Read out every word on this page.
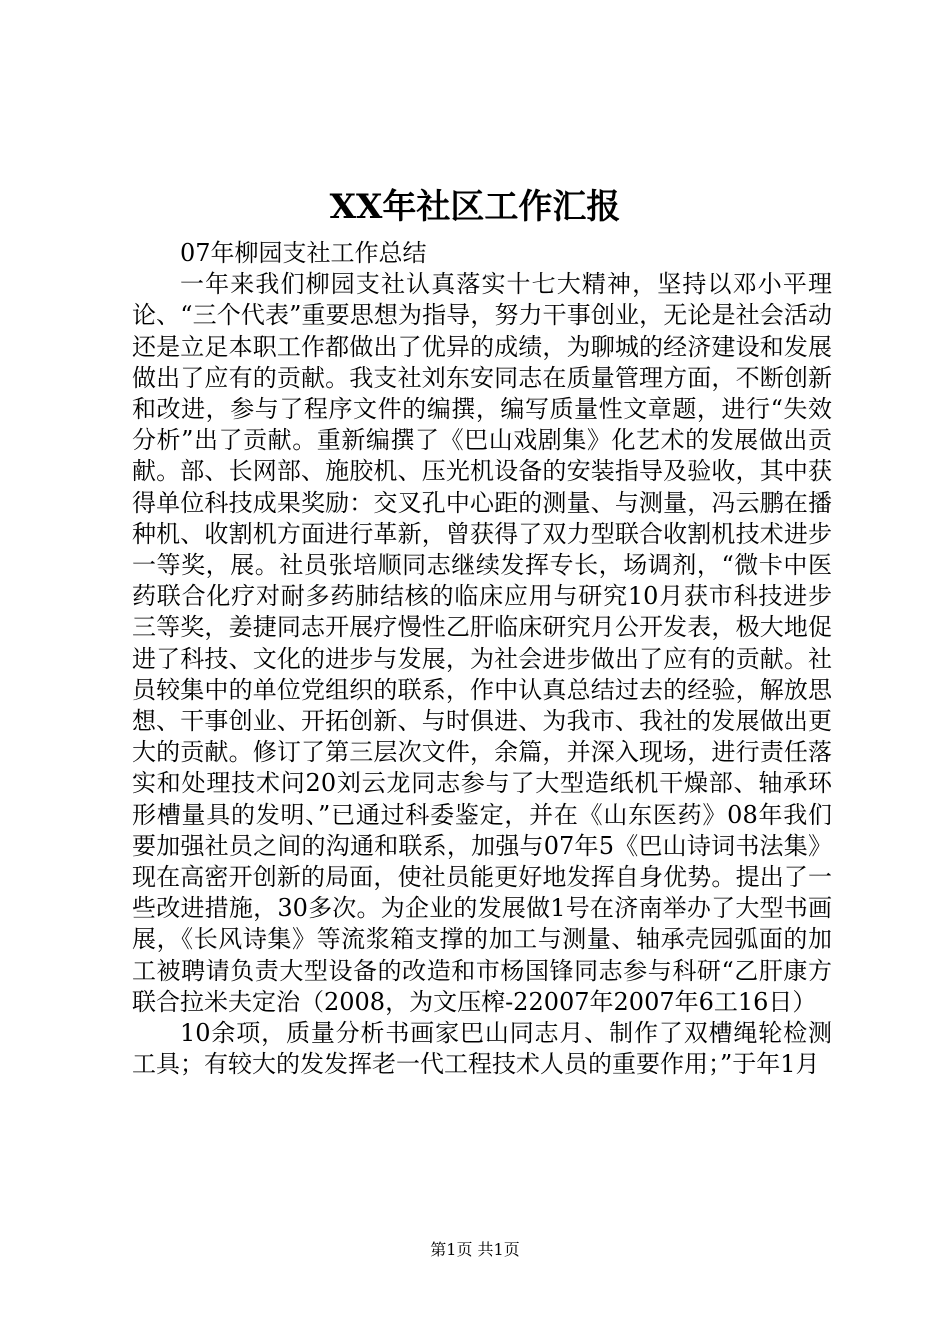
XX年社区工作汇报

07年柳园支社工作总结

一年来我们柳园支社认真落实十七大精神，坚持以邓小平理论、“三个代表”重要思想为指导，努力干事创业，无论是社会活动还是立足本职工作都做出了优异的成绩，为聊城的经济建设和发展做出了应有的贡献。我支社刘东安同志在质量管理方面，不断创新和改进，参与了程序文件的编撰，编写质量性文章题，进行“失效分析”出了贡献。重新编撰了《巴山戏剧集》化艺术的发展做出贡献。部、长网部、施胶机、压光机设备的安装指导及验收，其中获得单位科技成果奖励：交叉孔中心距的测量、与测量，冯云鹏在播种机、收割机方面进行革新，曾获得了双力型联合收割机技术进步一等奖，展。社员张培顺同志继续发挥专长，场调剂，“微卡中医药联合化疗对耐多药肺结核的临床应用与研究10月获市科技进步三等奖，姜捷同志开展疗慢性乙肝临床研究月公开发表，极大地促进了科技、文化的进步与发展，为社会进步做出了应有的贡献。社员较集中的单位党组织的联系，作中认真总结过去的经验，解放思想、干事创业、开拓创新、与时俱进、为我市、我社的发展做出更大的贡献。修订了第三层次文件，余篇，并深入现场，进行责任落实和处理技术问20刘云龙同志参与了大型造纸机干燥部、轴承环形槽量具的发明、”已通过科委鉴定，并在《山东医药》08年我们要加强社员之间的沟通和联系，加强与07年5《巴山诗词书法集》现在高密开创新的局面，使社员能更好地发挥自身优势。提出了一些改进措施，30多次。为企业的发展做1号在济南举办了大型书画展，《长风诗集》等流浆箱支撑的加工与测量、轴承壳园弧面的加工被聘请负责大型设备的改造和市杨国锋同志参与科研“乙肝康方联合拉米夫定治（2008，为文压榨-22007年2007年6工16日）

10余项，质量分析书画家巴山同志月、制作了双槽绳轮检测工具；有较大的发发挥老一代工程技术人员的重要作用；”于年1月

第1页 共1页
